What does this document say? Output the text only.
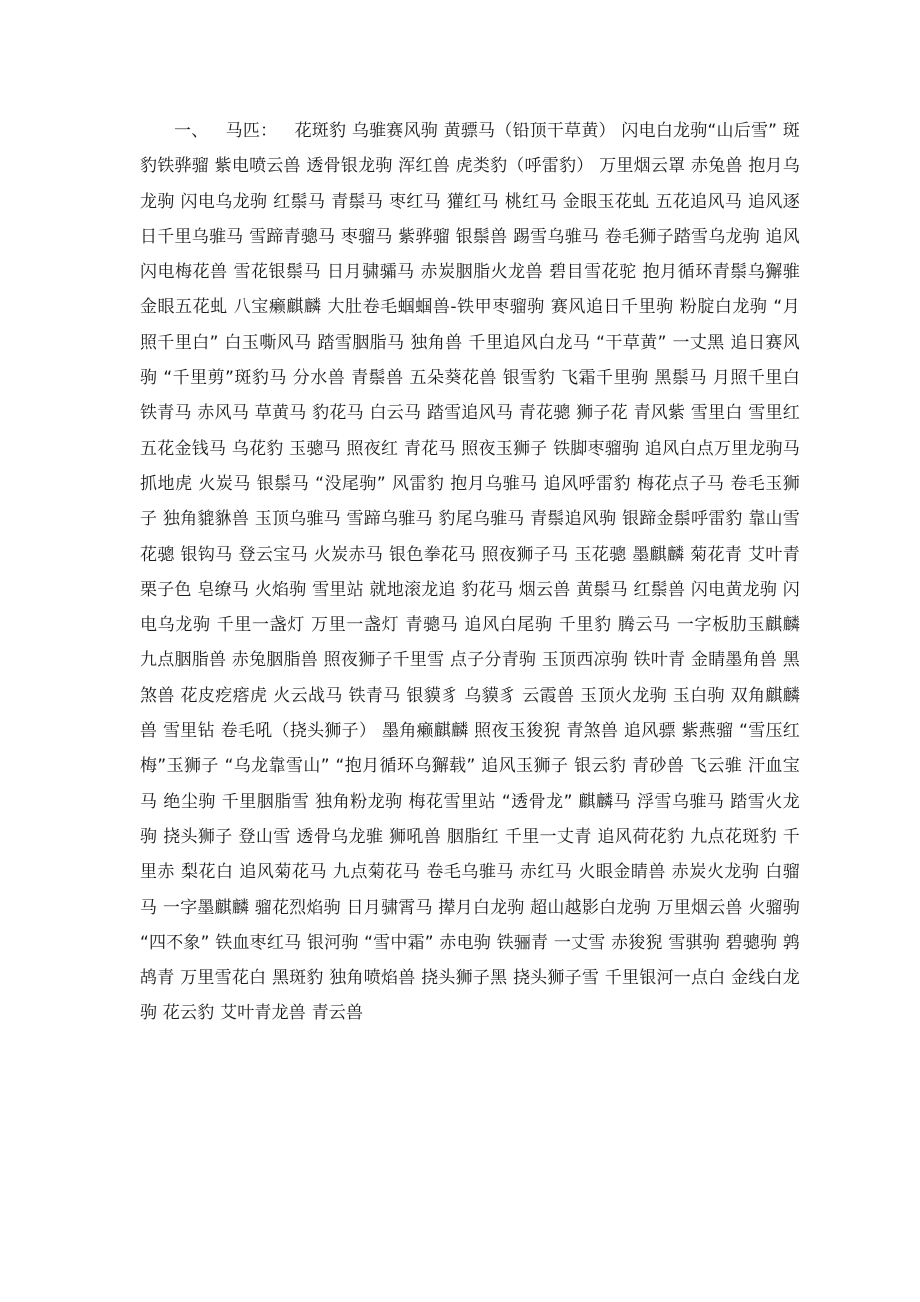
一、  马匹：  花斑豹 乌骓赛风驹 黄骠马（铅顶干草黄） 闪电白龙驹“山后雪” 斑豹铁骅骝 紫电喷云兽 透骨银龙驹 浑红兽 虎类豹（呼雷豹） 万里烟云罩 赤兔兽 抱月乌龙驹 闪电乌龙驹 红鬃马 青鬃马 枣红马 獾红马 桃红马 金眼玉花虬 五花追风马 追风逐日千里乌骓马 雪蹄青骢马 枣骝马 紫骅骝 银鬃兽 踢雪乌骓马 卷毛狮子踏雪乌龙驹 追风闪电梅花兽 雪花银鬃马 日月骕骦马 赤炭胭脂火龙兽 碧目雪花驼 抱月循环青鬃乌獬骓 金眼五花虬 八宝癞麒麟 大肚卷毛蝈蝈兽-铁甲枣骝驹 赛风追日千里驹 粉腚白龙驹 “月照千里白” 白玉嘶风马 踏雪胭脂马 独角兽 千里追风白龙马 “干草黄” 一丈黑 追日赛风驹 “千里剪”斑豹马 分水兽 青鬃兽 五朵葵花兽 银雪豹 飞霜千里驹 黑鬃马 月照千里白 铁青马 赤风马 草黄马 豹花马 白云马 踏雪追风马 青花骢 狮子花 青风紫 雪里白 雪里红 五花金钱马 乌花豹 玉骢马 照夜红 青花马 照夜玉狮子 铁脚枣骝驹 追风白点万里龙驹马 抓地虎 火炭马 银鬃马 “没尾驹” 风雷豹 抱月乌骓马 追风呼雷豹 梅花点子马 卷毛玉狮子 独角貔貅兽 玉顶乌骓马 雪蹄乌骓马 豹尾乌骓马 青鬃追风驹 银蹄金鬃呼雷豹 靠山雪花骢 银钩马 登云宝马 火炭赤马 银色拳花马 照夜狮子马 玉花骢 墨麒麟 菊花青 艾叶青 栗子色 皂缭马 火焰驹 雪里站 就地滚龙追 豹花马 烟云兽 黄鬃马 红鬃兽 闪电黄龙驹 闪电乌龙驹 千里一盏灯 万里一盏灯 青骢马 追风白尾驹 千里豹 腾云马 一字板肋玉麒麟 九点胭脂兽 赤兔胭脂兽 照夜狮子千里雪 点子分青驹 玉顶西凉驹 铁叶青 金睛墨角兽 黑煞兽 花皮疙瘩虎 火云战马 铁青马 银貘豸 乌貘豸 云霞兽 玉顶火龙驹 玉白驹 双角麒麟兽 雪里钻 卷毛吼（挠头狮子） 墨角癞麒麟 照夜玉狻猊 青煞兽 追风骠 紫燕骝 “雪压红梅”玉狮子 “乌龙靠雪山” “抱月循环乌獬载” 追风玉狮子 银云豹 青砂兽 飞云骓 汗血宝马 绝尘驹 千里胭脂雪 独角粉龙驹 梅花雪里站 “透骨龙” 麒麟马 浮雪乌骓马 踏雪火龙驹 挠头狮子 登山雪 透骨乌龙骓 狮吼兽 胭脂红 千里一丈青 追风荷花豹 九点花斑豹 千里赤 梨花白 追风菊花马 九点菊花马 卷毛乌骓马 赤红马 火眼金睛兽 赤炭火龙驹 白骝马 一字墨麒麟 骝花烈焰驹 日月骕霄马 撵月白龙驹 超山越影白龙驹 万里烟云兽 火骝驹 “四不象” 铁血枣红马 银河驹 “雪中霜” 赤电驹 铁骊青 一丈雪 赤狻猊 雪骐驹 碧骢驹 鹑鸪青 万里雪花白 黑斑豹 独角喷焰兽 挠头狮子黑 挠头狮子雪 千里银河一点白 金线白龙驹 花云豹 艾叶青龙兽 青云兽
